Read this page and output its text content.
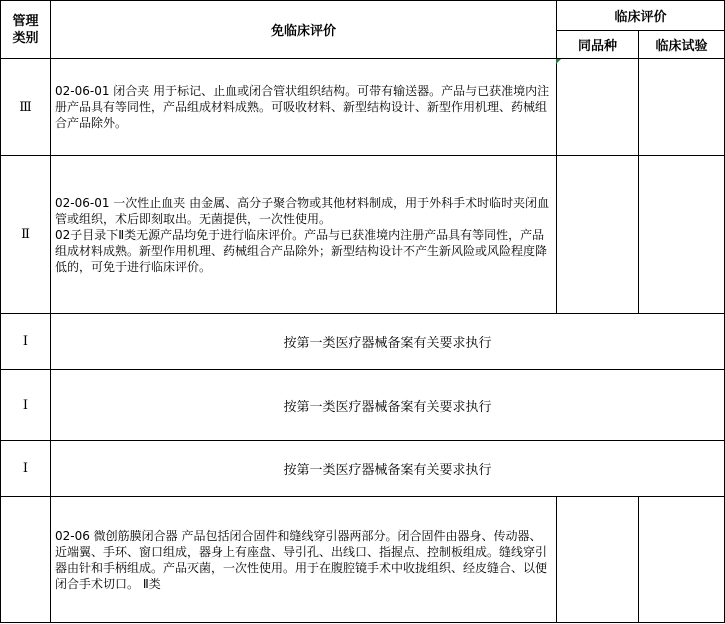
管理类别	免临床评价	临床评价	
		同品种	临床试验
Ⅲ	02-06-01 闭合夹 用于标记、止血或闭合管状组织结构。可带有输送器。产品与已获准境内注册产品具有等同性，产品组成材料成熟。可吸收材料、新型结构设计、新型作用机理、药械组合产品除外。		
Ⅱ	02-06-01 一次性止血夹 由金属、高分子聚合物或其他材料制成，用于外科手术时临时夹闭血管或组织，术后即刻取出。无菌提供，一次性使用。
02子目录下Ⅱ类无源产品均免于进行临床评价。产品与已获准境内注册产品具有等同性，产品组成材料成熟。新型作用机理、药械组合产品除外；新型结构设计不产生新风险或风险程度降低的，可免于进行临床评价。		

Ⅰ	按第一类医疗器械备案有关要求执行		
Ⅰ	按第一类医疗器械备案有关要求执行		
Ⅰ	按第一类医疗器械备案有关要求执行		
	02-06 微创筋膜闭合器 产品包括闭合固件和缝线穿引器两部分。闭合固件由器身、传动器、近端翼、手环、窗口组成，器身上有座盘、导引孔、出线口、指握点、控制板组成。缝线穿引器由针和手柄组成。产品灭菌，一次性使用。用于在腹腔镜手术中收拢组织、经皮缝合、以便闭合手术切口。 Ⅱ类		
